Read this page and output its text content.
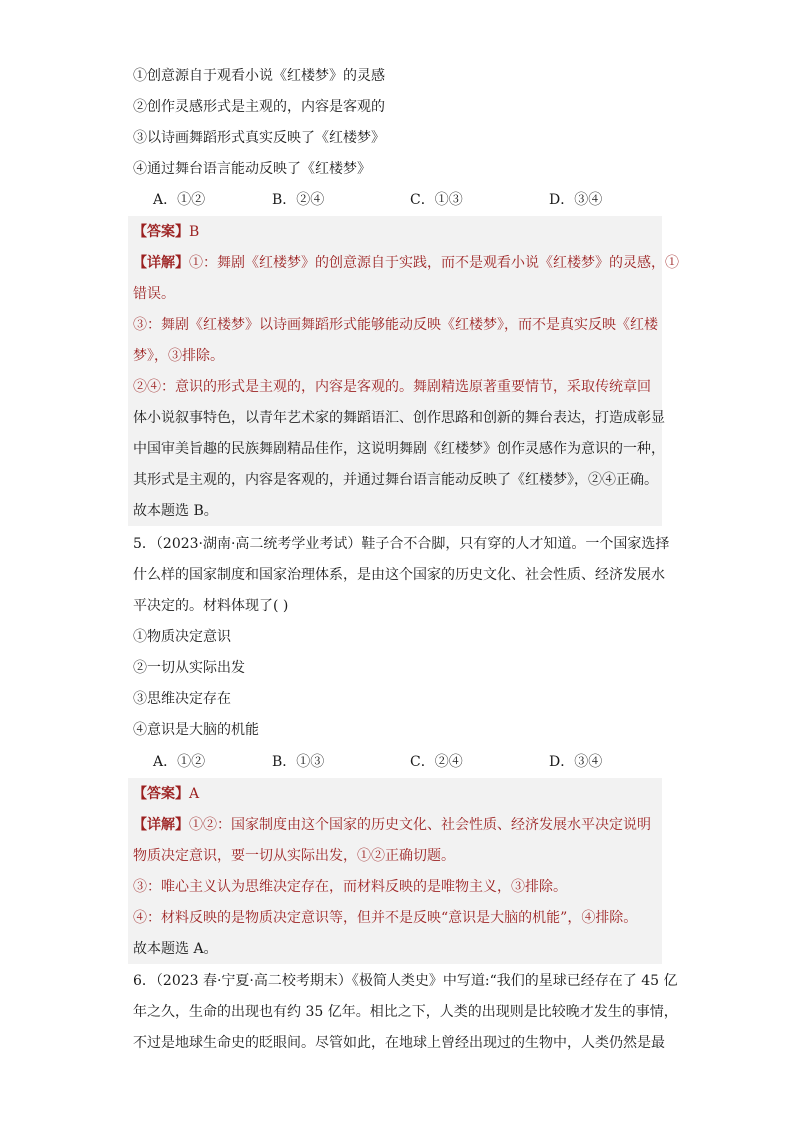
①创意源自于观看小说《红楼梦》的灵感
②创作灵感形式是主观的，内容是客观的
③以诗画舞蹈形式真实反映了《红楼梦》
④通过舞台语言能动反映了《红楼梦》
A．①②	B．②④	C．①③	D．③④
【答案】B
【详解】①：舞剧《红楼梦》的创意源自于实践，而不是观看小说《红楼梦》的灵感，①
错误。
③：舞剧《红楼梦》以诗画舞蹈形式能够能动反映《红楼梦》，而不是真实反映《红楼
梦》，③排除。
②④：意识的形式是主观的，内容是客观的。舞剧精选原著重要情节，采取传统章回
体小说叙事特色，以青年艺术家的舞蹈语汇、创作思路和创新的舞台表达，打造成彰显
中国审美旨趣的民族舞剧精品佳作，这说明舞剧《红楼梦》创作灵感作为意识的一种，
其形式是主观的，内容是客观的，并通过舞台语言能动反映了《红楼梦》，②④正确。
故本题选 B。
5．（2023·湖南·高二统考学业考试）鞋子合不合脚，只有穿的人才知道。一个国家选择
什么样的国家制度和国家治理体系，是由这个国家的历史文化、社会性质、经济发展水
平决定的。材料体现了( )
①物质决定意识
②一切从实际出发
③思维决定存在
④意识是大脑的机能
A．①②	B．①③	C．②④	D．③④
【答案】A
【详解】①②：国家制度由这个国家的历史文化、社会性质、经济发展水平决定说明
物质决定意识，要一切从实际出发，①②正确切题。
③：唯心主义认为思维决定存在，而材料反映的是唯物主义，③排除。
④：材料反映的是物质决定意识等，但并不是反映“意识是大脑的机能”，④排除。
故本题选 A。
6．（2023 春·宁夏·高二校考期末）《极简人类史》中写道:“我们的星球已经存在了 45 亿
年之久，生命的出现也有约 35 亿年。相比之下，人类的出现则是比较晚才发生的事情，
不过是地球生命史的眨眼间。尽管如此，在地球上曾经出现过的生物中，人类仍然是最
